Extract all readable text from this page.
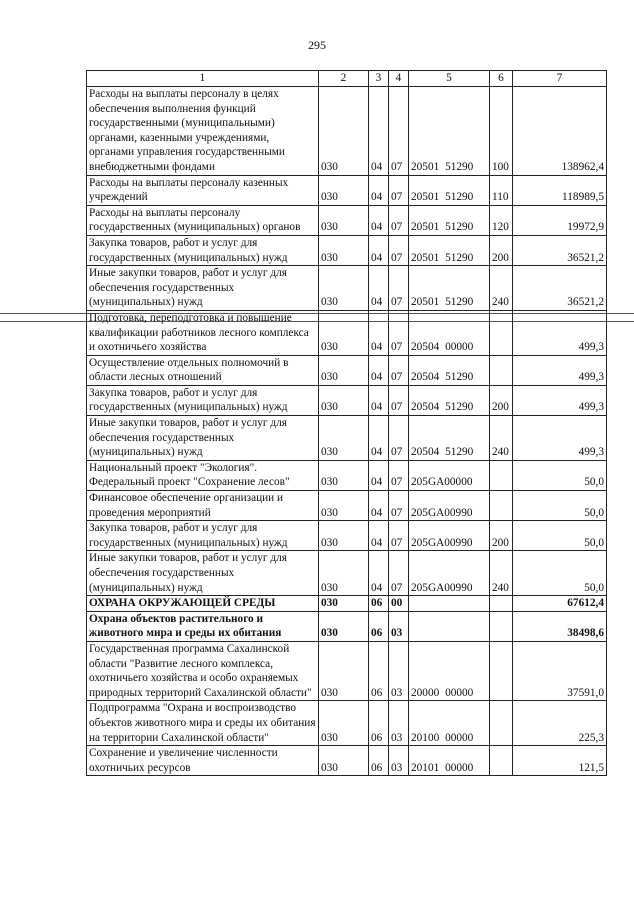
295
1	2	3	4	5	6	7
Расходы на выплаты персоналу в целях обеспечения выполнения функций государственными (муниципальными) органами, казенными учреждениями, органами управления государственными внебюджетными фондами	030	04	07	20501 51290	100	138962,4
Расходы на выплаты персоналу казенных учреждений	030	04	07	20501 51290	110	118989,5
Расходы на выплаты персоналу государственных (муниципальных) органов	030	04	07	20501 51290	120	19972,9
Закупка товаров, работ и услуг для государственных (муниципальных) нужд	030	04	07	20501 51290	200	36521,2
Иные закупки товаров, работ и услуг для обеспечения государственных (муниципальных) нужд	030	04	07	20501 51290	240	36521,2
Подготовка, переподготовка и повышение квалификации работников лесного комплекса и охотничьего хозяйства	030	04	07	20504 00000		499,3
Осуществление отдельных полномочий в области лесных отношений	030	04	07	20504 51290		499,3
Закупка товаров, работ и услуг для государственных (муниципальных) нужд	030	04	07	20504 51290	200	499,3
Иные закупки товаров, работ и услуг для обеспечения государственных (муниципальных) нужд	030	04	07	20504 51290	240	499,3
Национальный проект "Экология". Федеральный проект "Сохранение лесов"	030	04	07	205GA00000		50,0
Финансовое обеспечение организации и проведения мероприятий	030	04	07	205GA00990		50,0
Закупка товаров, работ и услуг для государственных (муниципальных) нужд	030	04	07	205GA00990	200	50,0
Иные закупки товаров, работ и услуг для обеспечения государственных (муниципальных) нужд	030	04	07	205GA00990	240	50,0
ОХРАНА ОКРУЖАЮЩЕЙ СРЕДЫ	030	06	00			67612,4
Охрана объектов растительного и животного мира и среды их обитания	030	06	03			38498,6
Государственная программа Сахалинской области "Развитие лесного комплекса, охотничьего хозяйства и особо охраняемых природных территорий Сахалинской области"	030	06	03	20000 00000		37591,0
Подпрограмма "Охрана и воспроизводство объектов животного мира и среды их обитания на территории Сахалинской области"	030	06	03	20100 00000		225,3
Сохранение и увеличение численности охотничьих ресурсов	030	06	03	20101 00000		121,5
